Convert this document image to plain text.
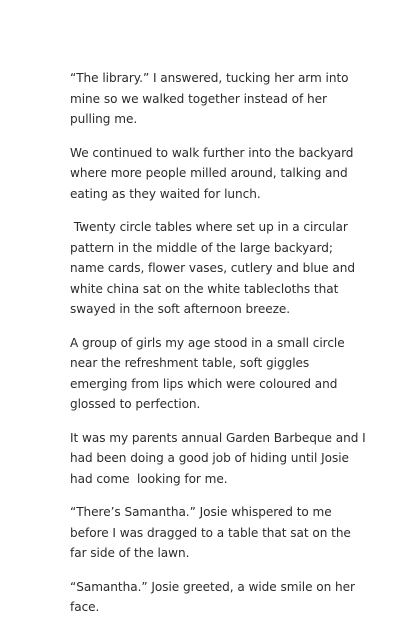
“The library.” I answered, tucking her arm into mine so we walked together instead of her pulling me.

We continued to walk further into the backyard where more people milled around, talking and eating as they waited for lunch.

Twenty circle tables where set up in a circular pattern in the middle of the large backyard; name cards, flower vases, cutlery and blue and white china sat on the white tablecloths that swayed in the soft afternoon breeze.

A group of girls my age stood in a small circle near the refreshment table, soft giggles emerging from lips which were coloured and glossed to perfection.

It was my parents annual Garden Barbeque and I had been doing a good job of hiding until Josie had come  looking for me.

“There’s Samantha.” Josie whispered to me before I was dragged to a table that sat on the far side of the lawn.

“Samantha.” Josie greeted, a wide smile on her face.
